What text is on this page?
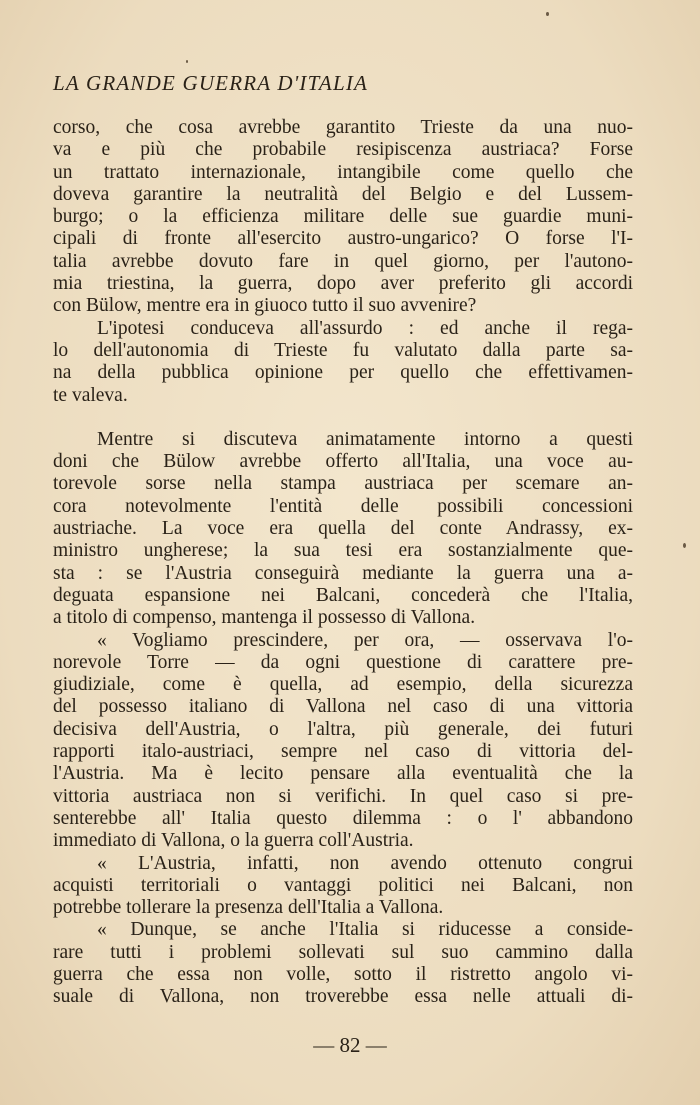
LA GRANDE GUERRA D'ITALIA
corso, che cosa avrebbe garantito Trieste da una nuo-
va e più che probabile resipiscenza austriaca? Forse
un trattato internazionale, intangibile come quello che
doveva garantire la neutralità del Belgio e del Lussem-
burgo; o la efficienza militare delle sue guardie muni-
cipali di fronte all'esercito austro-ungarico? O forse l'I-
talia avrebbe dovuto fare in quel giorno, per l'autono-
mia triestina, la guerra, dopo aver preferito gli accordi
con Bülow, mentre era in giuoco tutto il suo avvenire?
L'ipotesi conduceva all'assurdo : ed anche il rega-
lo dell'autonomia di Trieste fu valutato dalla parte sa-
na della pubblica opinione per quello che effettivamen-
te valeva.
Mentre si discuteva animatamente intorno a questi
doni che Bülow avrebbe offerto all'Italia, una voce au-
torevole sorse nella stampa austriaca per scemare an-
cora notevolmente l'entità delle possibili concessioni
austriache. La voce era quella del conte Andrassy, ex-
ministro ungherese; la sua tesi era sostanzialmente que-
sta : se l'Austria conseguirà mediante la guerra una a-
deguata espansione nei Balcani, concederà che l'Italia,
a titolo di compenso, mantenga il possesso di Vallona.
« Vogliamo prescindere, per ora, — osservava l'o-
norevole Torre — da ogni questione di carattere pre-
giudiziale, come è quella, ad esempio, della sicurezza
del possesso italiano di Vallona nel caso di una vittoria
decisiva dell'Austria, o l'altra, più generale, dei futuri
rapporti italo-austriaci, sempre nel caso di vittoria del-
l'Austria. Ma è lecito pensare alla eventualità che la
vittoria austriaca non si verifichi. In quel caso si pre-
senterebbe all' Italia questo dilemma : o l' abbandono
immediato di Vallona, o la guerra coll'Austria.
« L'Austria, infatti, non avendo ottenuto congrui
acquisti territoriali o vantaggi politici nei Balcani, non
potrebbe tollerare la presenza dell'Italia a Vallona.
« Dunque, se anche l'Italia si riducesse a conside-
rare tutti i problemi sollevati sul suo cammino dalla
guerra che essa non volle, sotto il ristretto angolo vi-
suale di Vallona, non troverebbe essa nelle attuali di-
— 82 —
